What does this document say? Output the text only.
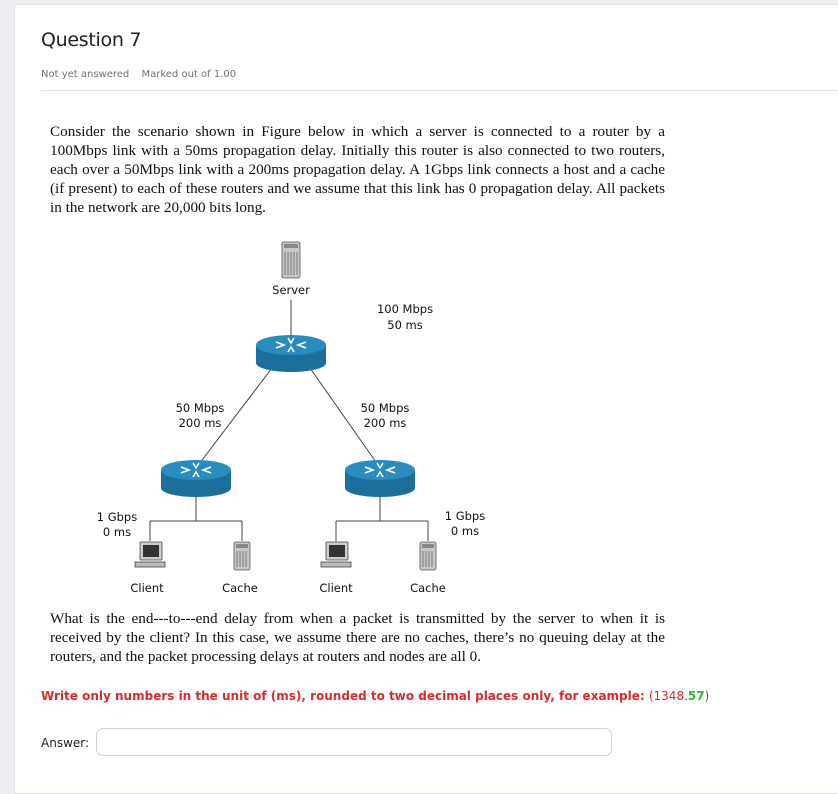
Question 7
Not yet answered Marked out of 1.00
Consider the scenario shown in Figure below in which a server is connected to a router by a 100Mbps link with a 50ms propagation delay. Initially this router is also connected to two routers, each over a 50Mbps link with a 200ms propagation delay. A 1Gbps link connects a host and a cache (if present) to each of these routers and we assume that this link has 0 propagation delay. All packets in the network are 20,000 bits long.
Server
100 Mbps
50 ms
50 Mbps
200 ms
50 Mbps
200 ms
1 Gbps
0 ms
1 Gbps
0 ms
Client	Cache	Client	Cache
What is the end---to---end delay from when a packet is transmitted by the server to when it is received by the client? In this case, we assume there are no caches, there’s no queuing delay at the routers, and the packet processing delays at routers and nodes are all 0.
Write only numbers in the unit of (ms), rounded to two decimal places only, for example: (1348.57)
Answer:
